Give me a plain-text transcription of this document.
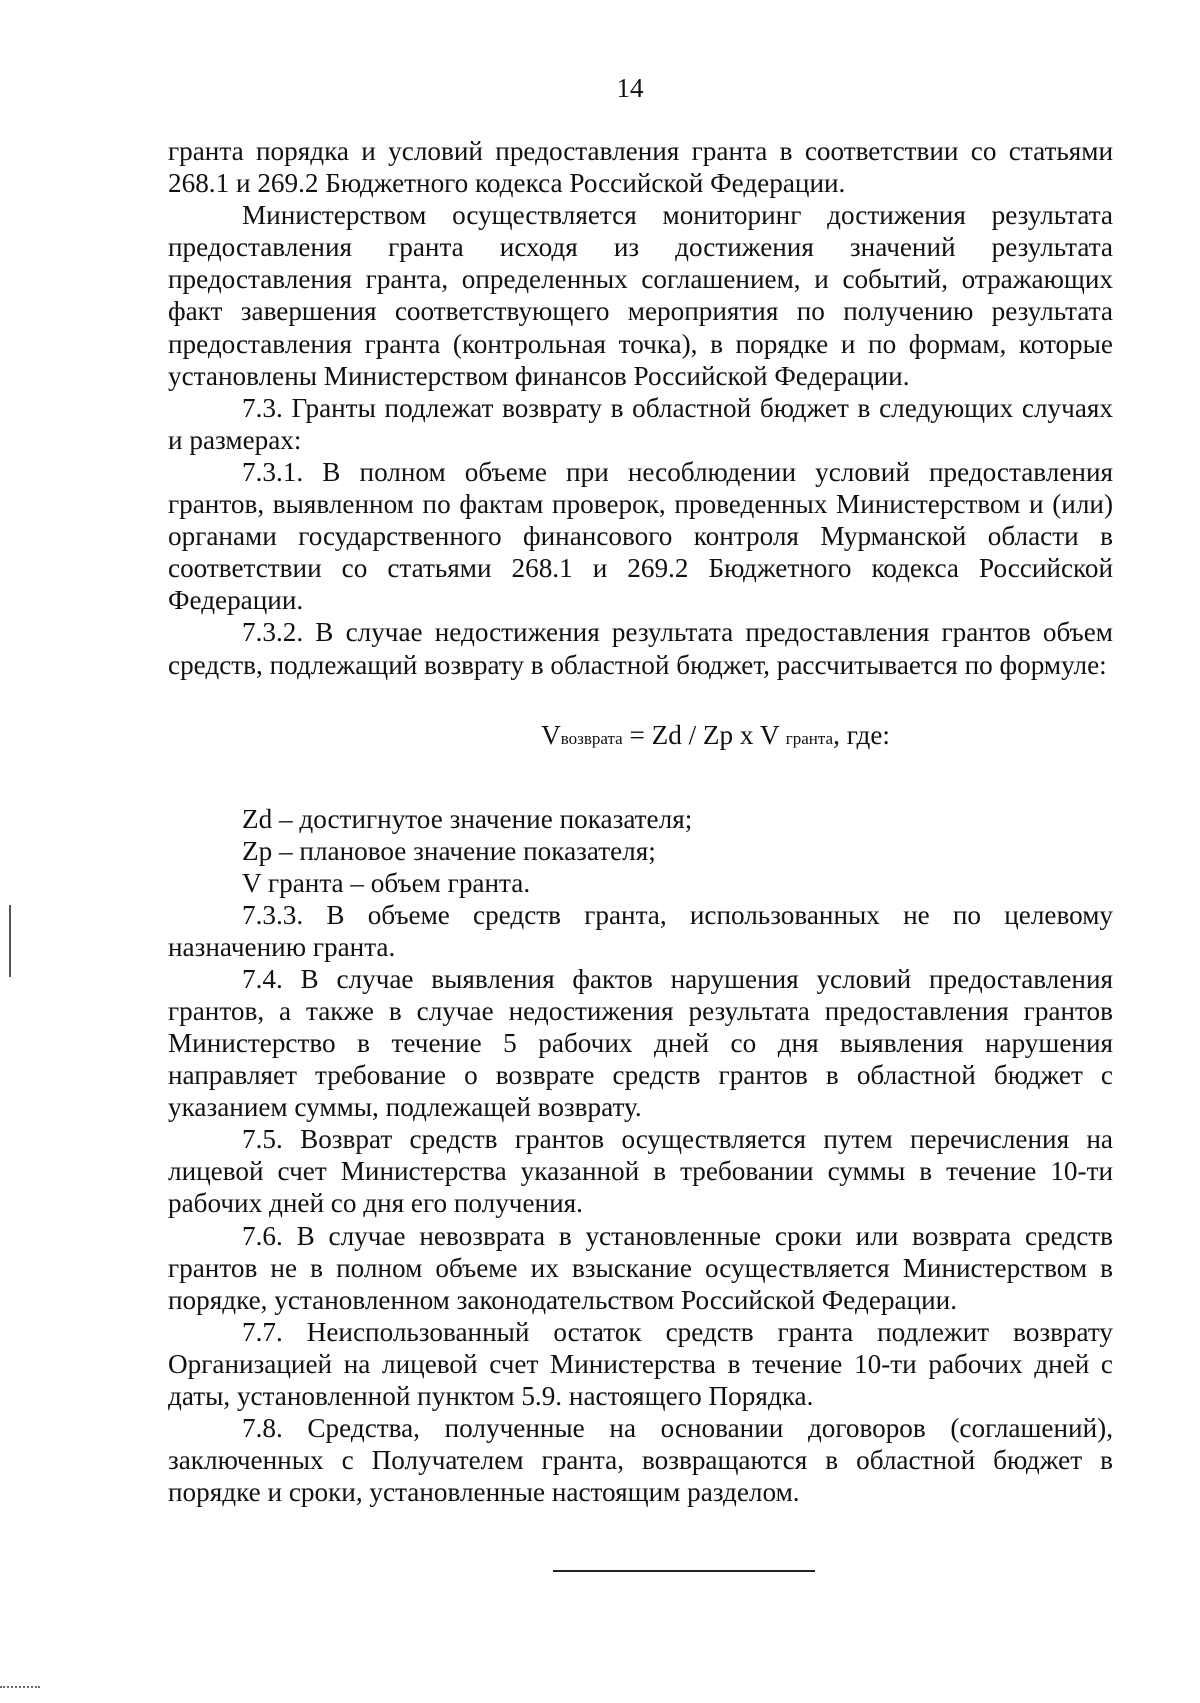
14

гранта порядка и условий предоставления гранта в соответствии со статьями 268.1 и 269.2 Бюджетного кодекса Российской Федерации.

Министерством осуществляется мониторинг достижения результата предоставления гранта исходя из достижения значений результата предоставления гранта, определенных соглашением, и событий, отражающих факт завершения соответствующего мероприятия по получению результата предоставления гранта (контрольная точка), в порядке и по формам, которые установлены Министерством финансов Российской Федерации.

7.3. Гранты подлежат возврату в областной бюджет в следующих случаях и размерах:

7.3.1. В полном объеме при несоблюдении условий предоставления грантов, выявленном по фактам проверок, проведенных Министерством и (или) органами государственного финансового контроля Мурманской области в соответствии со статьями 268.1 и 269.2 Бюджетного кодекса Российской Федерации.

7.3.2. В случае недостижения результата предоставления грантов объем средств, подлежащий возврату в областной бюджет, рассчитывается по формуле:

Vвозврата = Zd / Zp x V гранта, где:

Zd – достигнутое значение показателя;

Zp – плановое значение показателя;

V гранта – объем гранта.

7.3.3. В объеме средств гранта, использованных не по целевому назначению гранта.

7.4. В случае выявления фактов нарушения условий предоставления грантов, а также в случае недостижения результата предоставления грантов Министерство в течение 5 рабочих дней со дня выявления нарушения направляет требование о возврате средств грантов в областной бюджет с указанием суммы, подлежащей возврату.

7.5. Возврат средств грантов осуществляется путем перечисления на лицевой счет Министерства указанной в требовании суммы в течение 10-ти рабочих дней со дня его получения.

7.6. В случае невозврата в установленные сроки или возврата средств грантов не в полном объеме их взыскание осуществляется Министерством в порядке, установленном законодательством Российской Федерации.

7.7. Неиспользованный остаток средств гранта подлежит возврату Организацией на лицевой счет Министерства в течение 10-ти рабочих дней с даты, установленной пунктом 5.9. настоящего Порядка.

7.8. Средства, полученные на основании договоров (соглашений), заключенных с Получателем гранта, возвращаются в областной бюджет в порядке и сроки, установленные настоящим разделом.
